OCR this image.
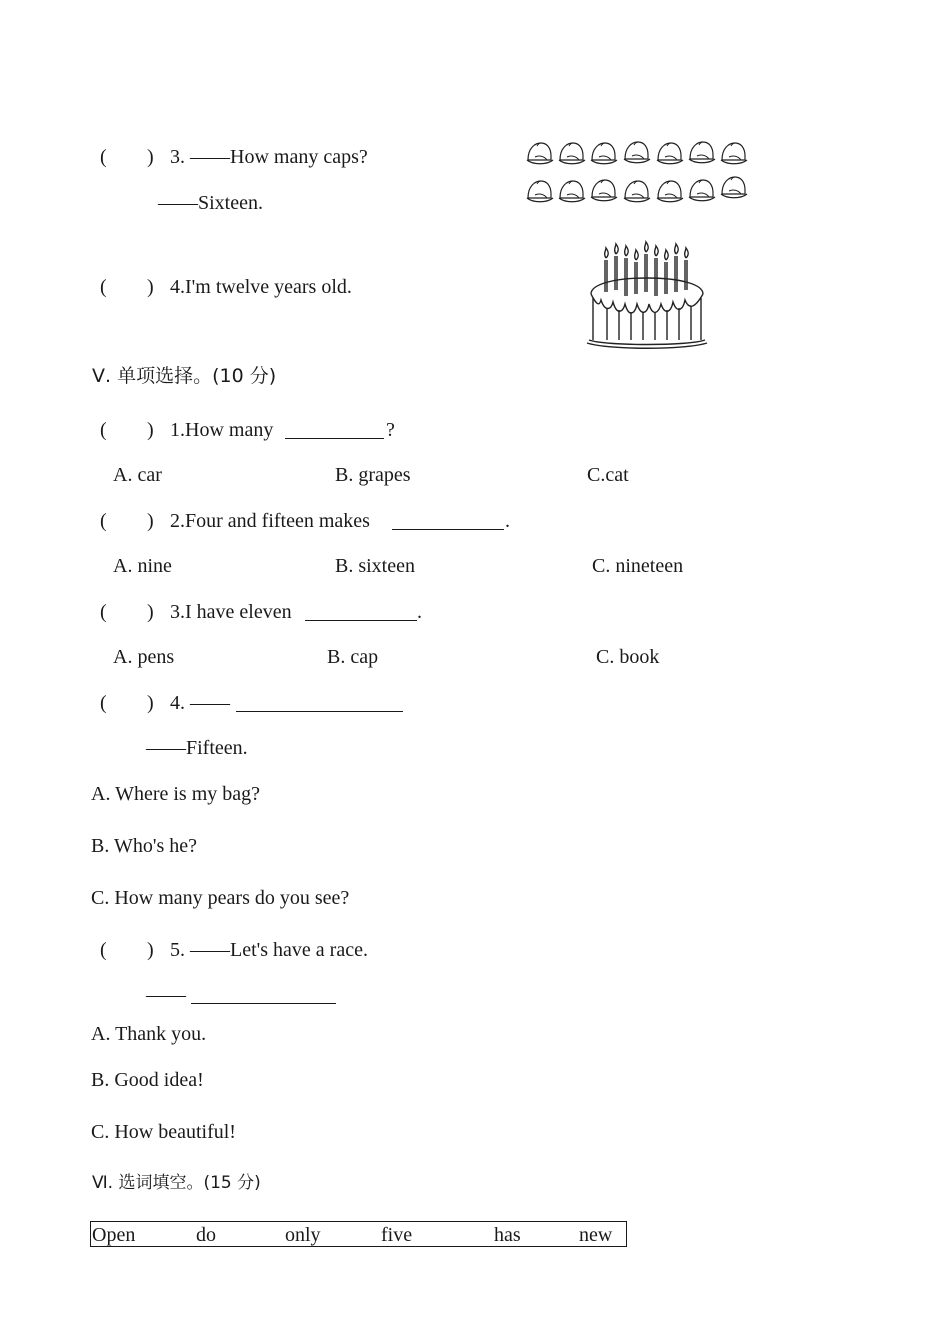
( ) 3. ——How many caps?
——Sixteen.
( ) 4.I'm twelve years old.
Ⅴ. 单项选择。(10 分)
( ) 1.How many	?
A. car	B. grapes	C.cat
( ) 2.Four and fifteen makes	.
A. nine	B. sixteen	C. nineteen
( ) 3.I have eleven	.
A. pens	B. cap	C. book
( ) 4. ——
——Fifteen.
A. Where is my bag?
B. Who's he?
C. How many pears do you see?
( ) 5. ——Let's have a race.
——
A. Thank you.
B. Good idea!
C. How beautiful!
Ⅵ. 选词填空。(15 分)
Open	do	only	five	has	new
